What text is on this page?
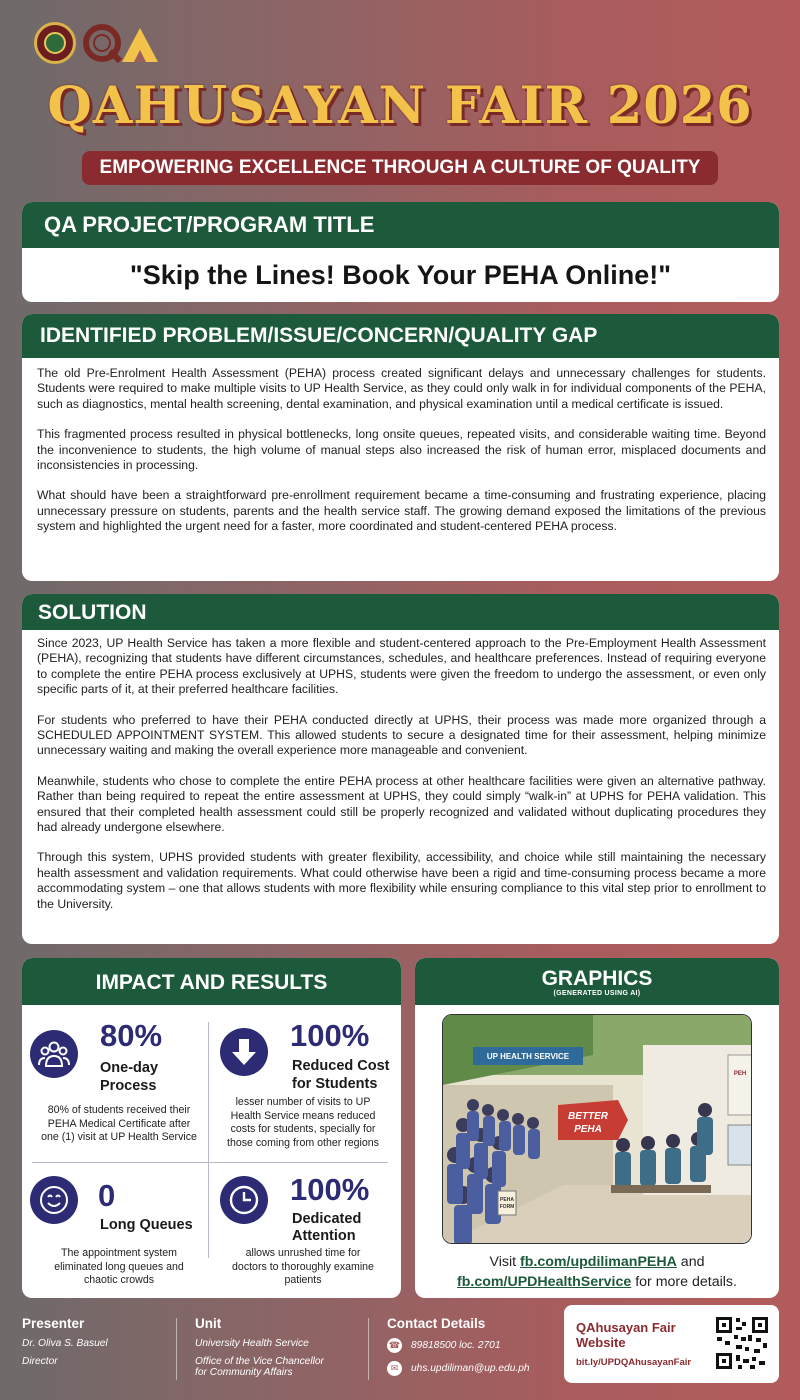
QAHUSAYAN FAIR 2026
EMPOWERING EXCELLENCE THROUGH A CULTURE OF QUALITY
QA PROJECT/PROGRAM TITLE
"Skip the Lines! Book Your PEHA Online!"
IDENTIFIED PROBLEM/ISSUE/CONCERN/QUALITY GAP

The old Pre-Enrolment Health Assessment (PEHA) process created significant delays and unnecessary challenges for students. Students were required to make multiple visits to UP Health Service, as they could only walk in for individual components of the PEHA, such as diagnostics, mental health screening, dental examination, and physical examination until a medical certificate is issued.

This fragmented process resulted in physical bottlenecks, long onsite queues, repeated visits, and considerable waiting time. Beyond the inconvenience to students, the high volume of manual steps also increased the risk of human error, misplaced documents and inconsistencies in processing.

What should have been a straightforward pre-enrollment requirement became a time-consuming and frustrating experience, placing unnecessary pressure on students, parents and the health service staff. The growing demand exposed the limitations of the previous system and highlighted the urgent need for a faster, more coordinated and student-centered PEHA process.

SOLUTION

Since 2023, UP Health Service has taken a more flexible and student-centered approach to the Pre-Employment Health Assessment (PEHA), recognizing that students have different circumstances, schedules, and healthcare preferences. Instead of requiring everyone to complete the entire PEHA process exclusively at UPHS, students were given the freedom to undergo the assessment, or even only specific parts of it, at their preferred healthcare facilities.

For students who preferred to have their PEHA conducted directly at UPHS, their process was made more organized through a SCHEDULED APPOINTMENT SYSTEM. This allowed students to secure a designated time for their assessment, helping minimize unnecessary waiting and making the overall experience more manageable and convenient.

Meanwhile, students who chose to complete the entire PEHA process at other healthcare facilities were given an alternative pathway. Rather than being required to repeat the entire assessment at UPHS, they could simply “walk-in” at UPHS for PEHA validation. This ensured that their completed health assessment could still be properly recognized and validated without duplicating procedures they had already undergone elsewhere.

Through this system, UPHS provided students with greater flexibility, accessibility, and choice while still maintaining the necessary health assessment and validation requirements. What could otherwise have been a rigid and time-consuming process became a more accommodating system – one that allows students with more flexibility while ensuring compliance to this vital step prior to enrollment to the University.

IMPACT AND RESULTS
80%
One-day
Process
80% of students received their
PEHA Medical Certificate after
one (1) visit at UP Health Service
100%
Reduced Cost
for Students
lesser number of visits to UP
Health Service means reduced
costs for students, specially for
those coming from other regions
0
Long Queues
The appointment system
eliminated long queues and
chaotic crowds
100%
Dedicated
Attention
allows unrushed time for
doctors to thoroughly examine
patients
GRAPHICS
(GENERATED USING AI)
UP HEALTH SERVICE
BETTER
PEHA
PEHA
FORM
PEH
Visit fb.com/updilimanPEHA and
fb.com/UPDHealthService for more details.
Presenter
Dr. Oliva S. Basuel
Director
Unit
University Health Service
Office of the Vice Chancellor
for Community Affairs
Contact Details
☎ 89818500 loc. 2701
✉	uhs.updiliman@up.edu.ph
QAhusayan Fair
Website
bit.ly/UPDQAhusayanFair
